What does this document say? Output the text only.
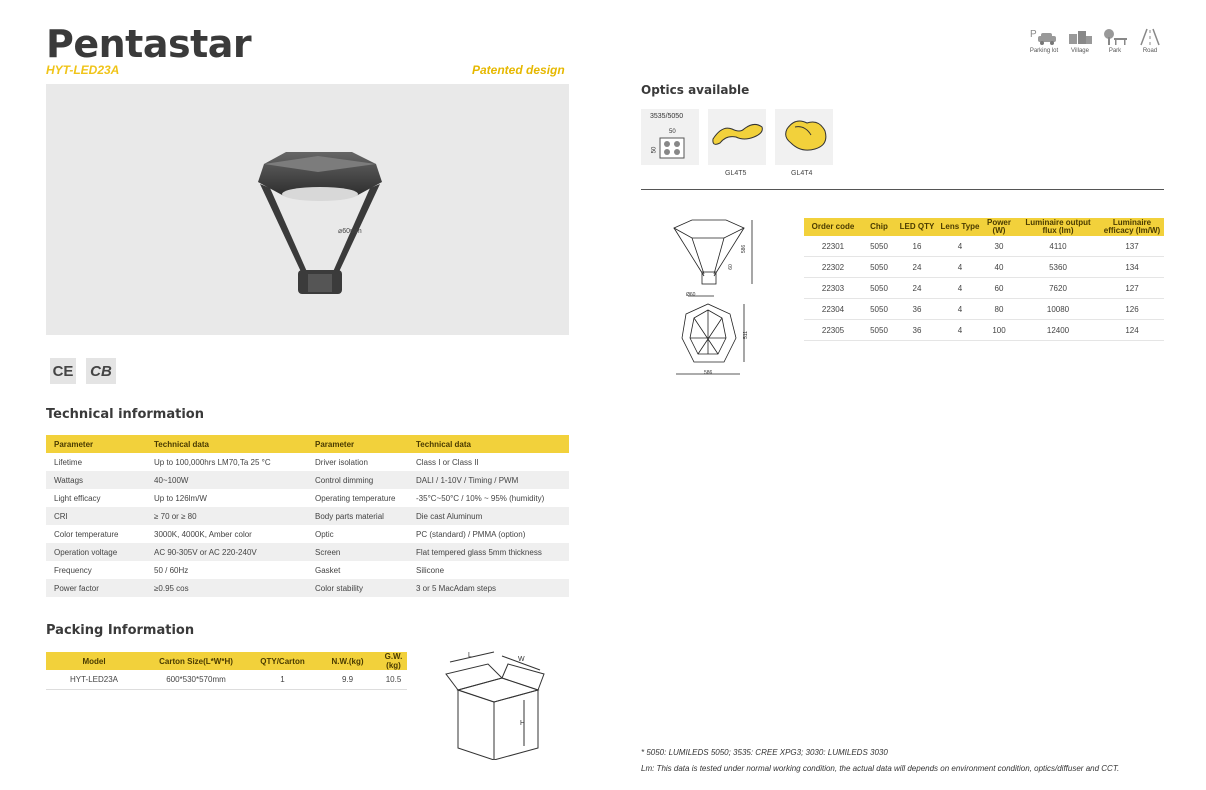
Pentastar
HYT-LED23A	Patented design
P
Parking lot	Village	Park	Road
⌀60mm
CE CB
Technical information
Parameter	Technical data	Parameter	Technical data
Lifetime	Up to 100,000hrs LM70,Ta 25 °C	Driver isolation	Class I or Class II
Wattags	40~100W	Control dimming	DALI / 1-10V / Timing / PWM
Light efficacy	Up to 126lm/W	Operating temperature	-35°C~50°C / 10% ~ 95% (humidity)
CRI	≥ 70 or ≥ 80	Body parts material	Die cast Aluminum
Color temperature	3000K, 4000K, Amber color	Optic	PC (standard) / PMMA (option)
Operation voltage	AC 90-305V or AC 220-240V	Screen	Flat tempered glass 5mm thickness
Frequency	50 / 60Hz	Gasket	Silicone
Power factor	≥0.95 cos	Color stability	3 or 5 MacAdam steps
Packing Information
Model	Carton Size(L*W*H)	QTY/Carton	N.W.(kg)	G.W.(kg)
HYT-LED23A	600*530*570mm	1	9.9	10.5
L
W
H
Optics available
3535/5050
50
50
GL4T5	GL4T4
586
60
Ø60
511
586
Order code	Chip	LED QTY	Lens Type	Power (W)	Luminaire output flux (lm)	Luminaire efficacy (lm/W)
22301	5050	16	4	30	4110	137
22302	5050	24	4	40	5360	134
22303	5050	24	4	60	7620	127
22304	5050	36	4	80	10080	126
22305	5050	36	4	100	12400	124
* 5050: LUMILEDS 5050; 3535: CREE XPG3; 3030: LUMILEDS 3030
Lm: This data is tested under normal working condition, the actual data will depends on environment condition, optics/diffuser and CCT.
